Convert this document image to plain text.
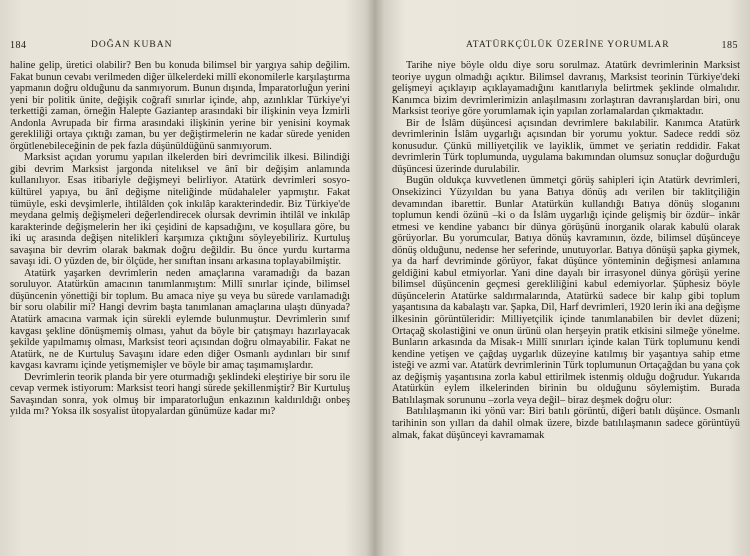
184	DOĞAN KUBAN

haline gelip, üretici olabilir? Ben bu konuda bilimsel bir yargıya sahip değilim. Fakat bunun cevabı verilmeden diğer ülkelerdeki millî ekonomilerle karşılaştırma yapmanın doğru olduğunu da sanmıyorum. Bunun dışında, İmparatorluğun yerini yeni bir politik ünite, değişik coğrafî sınırlar içinde, ahp, azınlıklar Türkiye'yi terkettiği zaman, örneğin Halepte Gaziantep arasındaki bir ilişkinin veya İzmirli Andonla Avrupada bir firma arasındaki ilişkinin yerine bir yenisini koymak gerekliliği ortaya çıktığı zaman, bu yer değiştirmelerin ne kadar sürede yeniden örgütlenebileceğinin de pek fazla düşünüldüğünü sanmıyorum.

Marksist açıdan yorumu yapılan ilkelerden biri devrimcilik ilkesi. Bilindiği gibi devrim Marksist jargonda nitelıksel ve ânî bir değişim anlamında kullanılıyor. Esas itibariyle değişmeyi belirliyor. Atatürk devrimleri sosyo-kültürel yapıya, bu ânî değişme niteliğinde müdahaleler yapmıştır. Fakat tümüyle, eski devşimlerle, ihtilâlden çok inkılâp karakterindedir. Biz Türkiye'de meydana gelmiş değişmeleri değerlendirecek olursak devrimin ihtilâl ve inkılâp karakterinde değişmelerin her iki çeşidini de kapsadığını, ve koşullara göre, bu iki uç arasında değişen nitelikleri karşımıza çıktığını söyleyebiliriz. Kurtuluş savaşına bir devrim olarak bakmak doğru değildir. Bu önce yurdu kurtarma savaşı idi. O yüzden de, bir ölçüde, her sınıftan insanı arkasına toplayabilmiştir.

Atatürk yaşarken devrimlerin neden amaçlarına varamadığı da bazan soruluyor. Atatürkün amacının tanımlanmıştım: Millî sınırlar içinde, bilimsel düşüncenin yönettiği bir toplum. Bu amaca niye şu veya bu sürede varılamadığı bir soru olabilir mi? Hangi devrim başta tanımlanan amaçlarına ulaştı dünyada? Atatürk amacına varmak için sürekli eylemde bulunmuştur. Devrimlerin sınıf kavgası şekline dönüşmemiş olması, yahut da böyle bir çatışmayı hazırlayacak şekilde yapılmamış olması, Marksist teori açısından doğru olmayabilir. Fakat ne Atatürk, ne de Kurtuluş Savaşını idare eden diğer Osmanlı aydınları bir sınıf kavgası kavramı içinde yetişmemişler ve böyle bir amaç taşımamışlardır.

Devrimlerin teorik planda bir yere oturmadığı şeklindeki eleştiriye bir soru ile cevap vermek istiyorum: Marksist teori hangi sürede şekillenmiştir? Bir Kurtuluş Savaşından sonra, yok olmuş bir imparatorluğun enkazının kaldırıldığı onbeş yılda mı? Yoksa ilk sosyalist ütopyalardan günümüze kadar mı?

ATATÜRKÇÜLÜK ÜZERİNE YORUMLAR	185

Tarihe niye böyle oldu diye soru sorulmaz. Atatürk devrimlerinin Marksist teoriye uygun olmadığı açıktır. Bilimsel davranış, Marksist teorinin Türkiye'deki gelişmeyi açıklayıp açıklayamadığını kanıtlarıyla belirtmek şeklinde olmalıdır. Kanımca bizim devrimlerimizin anlaşılmasını zorlaştıran davranışlardan biri, onu Marksist teoriye göre yorumlamak için yapılan zorlamalardan çıkmaktadır.

Bir de İslâm düşüncesi açısından devrimlere bakılabilir. Kanımca Atatürk devrimlerinin İslâm uygarlığı açısından bir yorumu yoktur. Sadece reddi söz konusudur. Çünkü milliyetçilik ve layiklik, ümmet ve şeriatin reddidir. Fakat devrimlerin Türk toplumunda, uygulama bakımından olumsuz sonuçlar doğurduğu düşüncesi üzerinde durulabilir.

Bugün oldukça kuvvetlenen ümmetçi görüş sahipleri için Atatürk devrimleri, Onsekizinci Yüzyıldan bu yana Batıya dönüş adı verilen bir taklitçiliğin devamından ibarettir. Bunlar Atatürkün kullandığı Batıya dönüş sloganını toplumun kendi özünü –ki o da İslâm uygarlığı içinde gelişmiş bir özdür– inkâr etmesi ve kendine yabancı bir dünya görüşünü inorganik olarak kabulü olarak görüyorlar. Bu yorumcular, Batıya dönüş kavramının, özde, bilimsel düşünceye dönüş olduğunu, nedense her seferinde, unutuyorlar. Batıya dönüşü şapka giymek, ya da harf devriminde görüyor, fakat düşünce yönteminin değişmesi anlamına geldiğini kabul etmiyorlar. Yani dine dayalı bir irrasyonel dünya görüşü yerine bilimsel düşüncenin geçmesi gerekliliğini kabul edemiyorlar. Şüphesiz böyle düşüncelerin Atatürke saldırmalarında, Atatürkü sadece bir kalıp gibi toplum yaşantısına da kabalaştı var. Şapka, Dil, Harf devrimleri, 1920 lerin iki ana değişme ilkesinin görüntüleridir: Milliyetçilik içinde tanımlanabilen bir devlet düzeni; Ortaçağ skolastiğini ve onun ürünü olan herşeyin pratik etkisini silmeğe yönelme. Bunların arkasında da Misak-ı Millî sınırları içinde kalan Türk toplumunu kendi kendine yetişen ve çağdaş uygarlık düzeyine katılmış bir yaşantıya sahip etme isteği ve azmi var. Atatürk devrimlerinin Türk toplumunun Ortaçağdan bu yana çok az değişmiş yaşantısına zorla kabul ettirilmek istenmiş olduğu doğrudur. Yukarıda Atatürkün eylem ilkelerinden birinin bu olduğunu söylemiştim. Burada Batılılaşmak sorununu –zorla veya değil– biraz deşmek doğru olur:

Batılılaşmanın iki yönü var: Biri batılı görüntü, diğeri batılı düşünce. Osmanlı tarihinin son yılları da dahil olmak üzere, bizde batılılaşmanın sadece görüntüyü almak, fakat düşünceyi kavramamak
